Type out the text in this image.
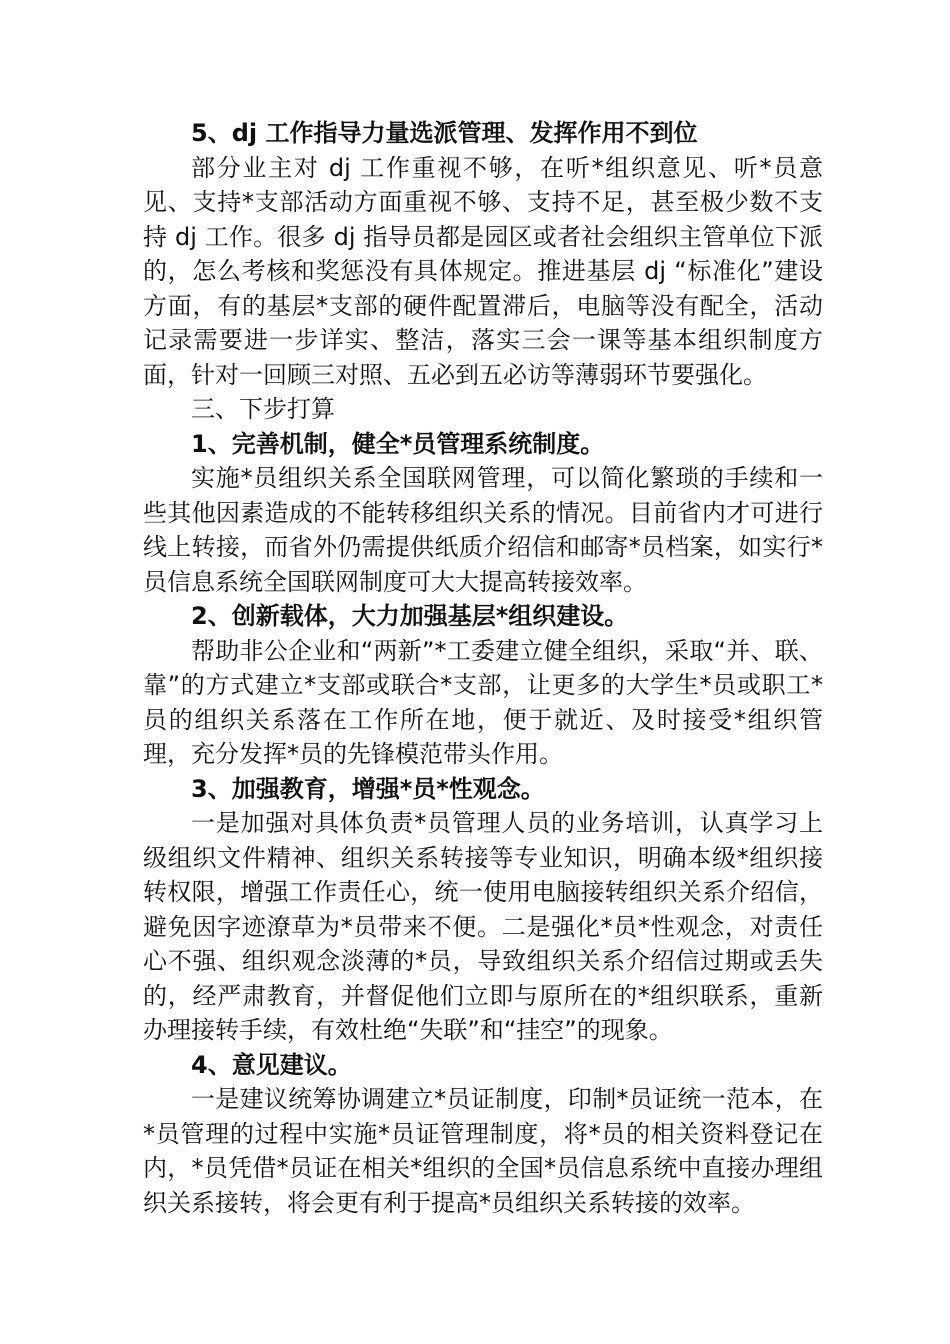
5、dj 工作指导力量选派管理、发挥作用不到位

部分业主对 dj 工作重视不够，在听*组织意见、听*员意见、支持*支部活动方面重视不够、支持不足，甚至极少数不支持 dj 工作。很多 dj 指导员都是园区或者社会组织主管单位下派的，怎么考核和奖惩没有具体规定。推进基层 dj “标准化”建设方面，有的基层*支部的硬件配置滞后，电脑等没有配全，活动记录需要进一步详实、整洁，落实三会一课等基本组织制度方面，针对一回顾三对照、五必到五必访等薄弱环节要强化。

三、下步打算

1、完善机制，健全*员管理系统制度。

实施*员组织关系全国联网管理，可以简化繁琐的手续和一些其他因素造成的不能转移组织关系的情况。目前省内才可进行线上转接，而省外仍需提供纸质介绍信和邮寄*员档案，如实行*员信息系统全国联网制度可大大提高转接效率。

2、创新载体，大力加强基层*组织建设。

帮助非公企业和“两新”*工委建立健全组织，采取“并、联、靠”的方式建立*支部或联合*支部，让更多的大学生*员或职工*员的组织关系落在工作所在地，便于就近、及时接受*组织管理，充分发挥*员的先锋模范带头作用。

3、加强教育，增强*员*性观念。

一是加强对具体负责*员管理人员的业务培训，认真学习上级组织文件精神、组织关系转接等专业知识，明确本级*组织接转权限，增强工作责任心，统一使用电脑接转组织关系介绍信，避免因字迹潦草为*员带来不便。二是强化*员*性观念，对责任心不强、组织观念淡薄的*员，导致组织关系介绍信过期或丢失的，经严肃教育，并督促他们立即与原所在的*组织联系，重新办理接转手续，有效杜绝“失联”和“挂空”的现象。

4、意见建议。

一是建议统筹协调建立*员证制度，印制*员证统一范本，在*员管理的过程中实施*员证管理制度，将*员的相关资料登记在内，*员凭借*员证在相关*组织的全国*员信息系统中直接办理组织关系接转，将会更有利于提高*员组织关系转接的效率。
